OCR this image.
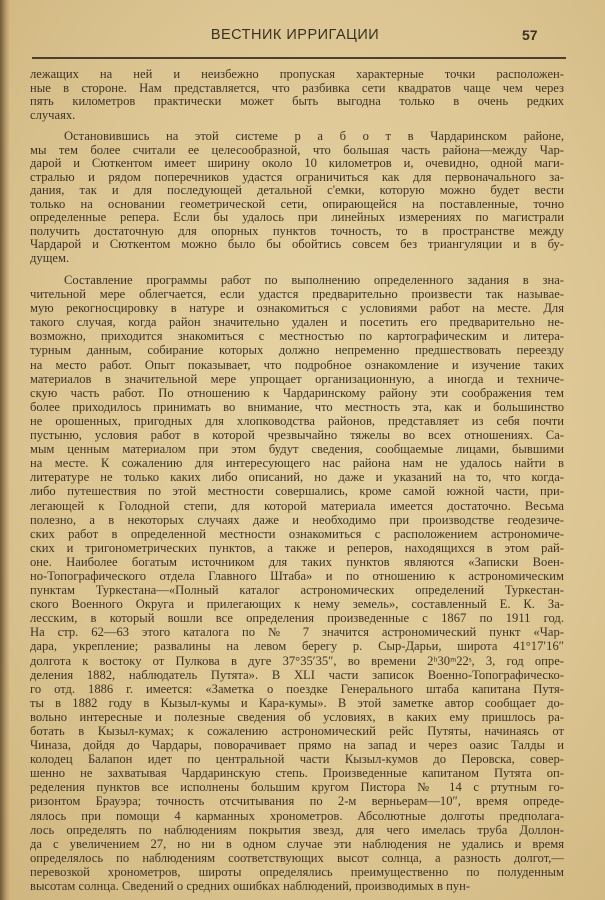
ВЕСТНИК ИРРИГАЦИИ	57
лежащих на ней и неизбежно пропуская характерные точки расположен-
ные в стороне. Нам представляется, что разбивка сети квадратов чаще чем через
пять километров практически может быть выгодна только в очень редких
случаях.
Остановившись на этой системе р а б о т в Чардаринском районе,
мы тем более считали ее целесообразной, что большая часть района—между Чар-
дарой и Сюткентом имеет ширину около 10 километров и, очевидно, одной маги-
стралью и рядом поперечников удастся ограничиться как для первоначального за-
дания, так и для последующей детальной с'емки, которую можно будет вести
только на основании геометрической сети, опирающейся на поставленные, точно
определенные репера. Если бы удалось при линейных измерениях по магистрали
получить достаточную для опорных пунктов точность, то в пространстве между
Чардарой и Сюткентом можно было бы обойтись совсем без триангуляции и в бу-
дущем.
Составление программы работ по выполнению определенного задания в зна-
чительной мере облегчается, если удастся предварительно произвести так называе-
мую рекогносцировку в натуре и ознакомиться с условиями работ на месте. Для
такого случая, когда район значительно удален и посетить его предварительно не-
возможно, приходится знакомиться с местностью по картографическим и литера-
турным данным, собирание которых должно непременно предшествовать переезду
на место работ. Опыт показывает, что подробное ознакомление и изучение таких
материалов в значительной мере упрощает организационную, а иногда и техниче-
скую часть работ. По отношению к Чардаринскому району эти соображения тем
более приходилось принимать во внимание, что местность эта, как и большинство
не орошенных, пригодных для хлопководства районов, представляет из себя почти
пустыню, условия работ в которой чрезвычайно тяжелы во всех отношениях. Са-
мым ценным материалом при этом будут сведения, сообщаемые лицами, бывшими
на месте. К сожалению для интересующего нас района нам не удалось найти в
литературе не только каких либо описаний, но даже и указаний на то, что когда-
либо путешествия по этой местности совершались, кроме самой южной части, при-
легающей к Голодной степи, для которой материала имеется достаточно. Весьма
полезно, а в некоторых случаях даже и необходимо при производстве геодезиче-
ских работ в определенной местности ознакомиться с расположением астрономиче-
ских и тригонометрических пунктов, а также и реперов, находящихся в этом рай-
оне. Наиболее богатым источником для таких пунктов являются «Записки Воен-
но-Топографического отдела Главного Штаба» и по отношению к астрономическим
пунктам Туркестана—«Полный каталог астрономических определений Туркестан-
ского Военного Округа и прилегающих к нему земель», составленный Е. К. За-
лесским, в который вошли все определения произведенные с 1867 по 1911 год.
На стр. 62—63 этого каталога по № 7 значится астрономический пункт «Чар-
дара, укрепление; развалины на левом берегу р. Сыр-Дарьи, широта 41°17′16″
долгота к востоку от Пулкова в дуге 37°35′35″, во времени 2ʰ30ᵐ22ˢ, 3, год опре-
деления 1882, наблюдатель Путята». В XLI части записок Военно-Топографическо-
го отд. 1886 г. имеется: «Заметка о поездке Генерального штаба капитана Путя-
ты в 1882 году в Кызыл-кумы и Кара-кумы». В этой заметке автор сообщает до-
вольно интересные и полезные сведения об условиях, в каких ему пришлось ра-
ботать в Кызыл-кумах; к сожалению астрономический рейс Путяты, начинаясь от
Чиназа, дойдя до Чардары, поворачивает прямо на запад и через оазис Талды и
колодец Балапон идет по центральной части Кызыл-кумов до Перовска, совер-
шенно не захватывая Чардаринскую степь. Произведенные капитаном Путята оп-
ределения пунктов все исполнены большим кругом Пистора № 14 с ртутным го-
ризонтом Брауэра; точность отсчитывания по 2-м верньерам—10″, время опреде-
лялось при помощи 4 карманных хронометров. Абсолютные долготы предполага-
лось определять по наблюдениям покрытия звезд, для чего имелась труба Доллон-
да с увеличением 27, но ни в одном случае эти наблюдения не удались и время
определялось по наблюдениям соответствующих высот солнца, а разность долгот,—
перевозкой хронометров, широты определялись преимущественно по полуденным
высотам солнца. Сведений о средних ошибках наблюдений, производимых в пун-
